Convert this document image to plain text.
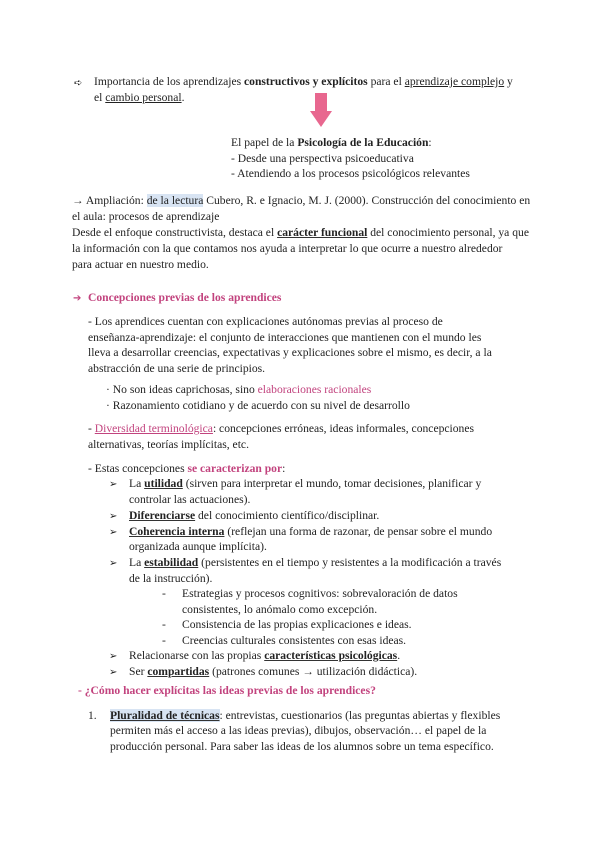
➪ Importancia de los aprendizajes constructivos y explícitos para el aprendizaje complejo y
el cambio personal.
El papel de la Psicología de la Educación:
- Desde una perspectiva psicoeducativa
- Atendiendo a los procesos psicológicos relevantes
→ Ampliación: de la lectura Cubero, R. e Ignacio, M. J. (2000). Construcción del conocimiento en
el aula: procesos de aprendizaje
Desde el enfoque constructivista, destaca el carácter funcional del conocimiento personal, ya que
la información con la que contamos nos ayuda a interpretar lo que ocurre a nuestro alrededor
para actuar en nuestro medio.
➔ Concepciones previas de los aprendices
- Los aprendices cuentan con explicaciones autónomas previas al proceso de
enseñanza-aprendizaje: el conjunto de interacciones que mantienen con el mundo les
lleva a desarrollar creencias, expectativas y explicaciones sobre el mismo, es decir, a la
abstracción de una serie de principios.
· No son ideas caprichosas, sino elaboraciones racionales
· Razonamiento cotidiano y de acuerdo con su nivel de desarrollo
- Diversidad terminológica: concepciones erróneas, ideas informales, concepciones
alternativas, teorías implícitas, etc.
- Estas concepciones se caracterizan por:
➢ La utilidad (sirven para interpretar el mundo, tomar decisiones, planificar y
controlar las actuaciones).
➢ Diferenciarse del conocimiento científico/disciplinar.
➢ Coherencia interna (reflejan una forma de razonar, de pensar sobre el mundo
organizada aunque implícita).
➢ La estabilidad (persistentes en el tiempo y resistentes a la modificación a través
de la instrucción).
- Estrategias y procesos cognitivos: sobrevaloración de datos
consistentes, lo anómalo como excepción.
- Consistencia de las propias explicaciones e ideas.
- Creencias culturales consistentes con esas ideas.
➢ Relacionarse con las propias características psicológicas.
➢ Ser compartidas (patrones comunes → utilización didáctica).
- ¿Cómo hacer explícitas las ideas previas de los aprendices?
1. Pluralidad de técnicas: entrevistas, cuestionarios (las preguntas abiertas y flexibles
permiten más el acceso a las ideas previas), dibujos, observación… el papel de la
producción personal. Para saber las ideas de los alumnos sobre un tema específico.
